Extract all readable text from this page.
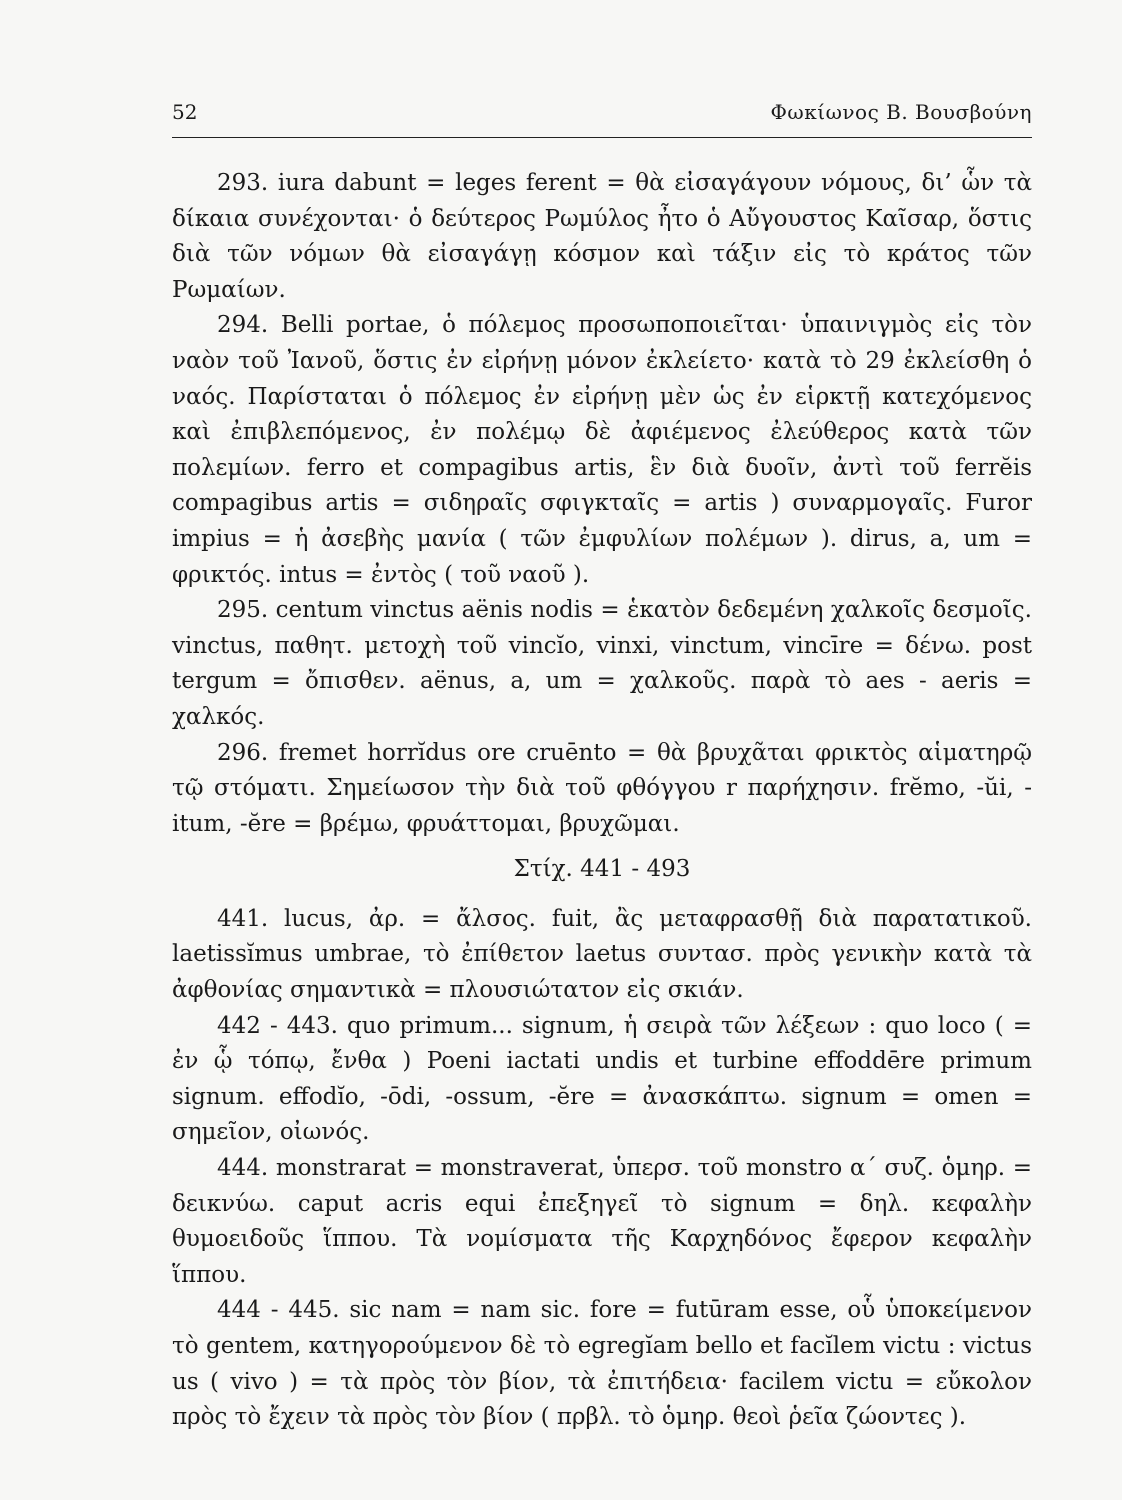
52	Φωκίωνος Β. Βουσβούνη

293. iura dabunt = leges ferent = θὰ εἰσαγάγουν νόμους, δι’ ὧν τὰ δίκαια συνέχονται· ὁ δεύτερος Ρωμύλος ἦτο ὁ Αὔγουστος Καῖσαρ, ὅστις διὰ τῶν νόμων θὰ εἰσαγάγῃ κόσμον καὶ τάξιν εἰς τὸ κράτος τῶν Ρωμαίων.

294. Belli portae, ὁ πόλεμος προσωποποιεῖται· ὑπαινιγμὸς εἰς τὸν ναὸν τοῦ Ἰανοῦ, ὅστις ἐν εἰρήνῃ μόνον ἐκλείετο· κατὰ τὸ 29 ἐκλείσθη ὁ ναός. Παρίσταται ὁ πόλεμος ἐν εἰρήνῃ μὲν ὡς ἐν εἱρκτῇ κατεχόμενος καὶ ἐπιβλεπόμενος, ἐν πολέμῳ δὲ ἀφιέμενος ἐλεύθερος κατὰ τῶν πολεμίων. ferro et compagibus artis, ἓν διὰ δυοῖν, ἀντὶ τοῦ ferrĕis compagibus artis = σιδηραῖς σφιγκταῖς = artis ) συναρμογαῖς. Furor impius = ἡ ἀσεβὴς μανία ( τῶν ἐμφυλίων πολέμων ). dirus, a, um = φρικτός. intus = ἐντὸς ( τοῦ ναοῦ ).

295. centum vinctus aënis nodis = ἑκατὸν δεδεμένη χαλκοῖς δεσμοῖς. vinctus, παθητ. μετοχὴ τοῦ vincĭo, vinxi, vinctum, vincīre = δένω. post tergum = ὄπισθεν. aënus, a, um = χαλκοῦς. παρὰ τὸ aes - aeris = χαλκός.

296. fremet horrĭdus ore cruēnto = θὰ βρυχᾶται φρικτὸς αἱματηρῷ τῷ στόματι. Σημείωσον τὴν διὰ τοῦ φθόγγου r παρήχησιν. frĕmo, -ŭi, -itum, -ĕre = βρέμω, φρυάττομαι, βρυχῶμαι.

Στίχ. 441 - 493

441. lucus, ἀρ. = ἄλσος. fuit, ἂς μεταφρασθῇ διὰ παρατατικοῦ. laetissĭmus umbrae, τὸ ἐπίθετον laetus συντασ. πρὸς γενικὴν κατὰ τὰ ἀφθονίας σημαντικὰ = πλουσιώτατον εἰς σκιάν.

442 - 443. quo primum... signum, ἡ σειρὰ τῶν λέξεων : quo loco ( = ἐν ᾧ τόπῳ, ἔνθα ) Poeni iactati undis et turbine effoddēre primum signum. effodĭo, -ōdi, -ossum, -ĕre = ἀνασκάπτω. signum = omen = σημεῖον, οἰωνός.

444. monstrarat = monstraverat, ὑπερσ. τοῦ monstro α΄ συζ. ὁμηρ. = δεικνύω. caput acris equi ἐπεξηγεῖ τὸ signum = δηλ. κεφαλὴν θυμοειδοῦς ἵππου. Τὰ νομίσματα τῆς Καρχηδόνος ἔφερον κεφαλὴν ἵππου.

444 - 445. sic nam = nam sic. fore = futūram esse, οὗ ὑποκείμενον τὸ gentem, κατηγορούμενον δὲ τὸ egregĭam bello et facĭlem victu : victus us ( vivo ) = τὰ πρὸς τὸν βίον, τὰ ἐπιτήδεια· facilem victu = εὔκολον πρὸς τὸ ἔχειν τὰ πρὸς τὸν βίον ( πρβλ. τὸ ὁμηρ. θεοὶ ῥεῖα ζώοντες ).
